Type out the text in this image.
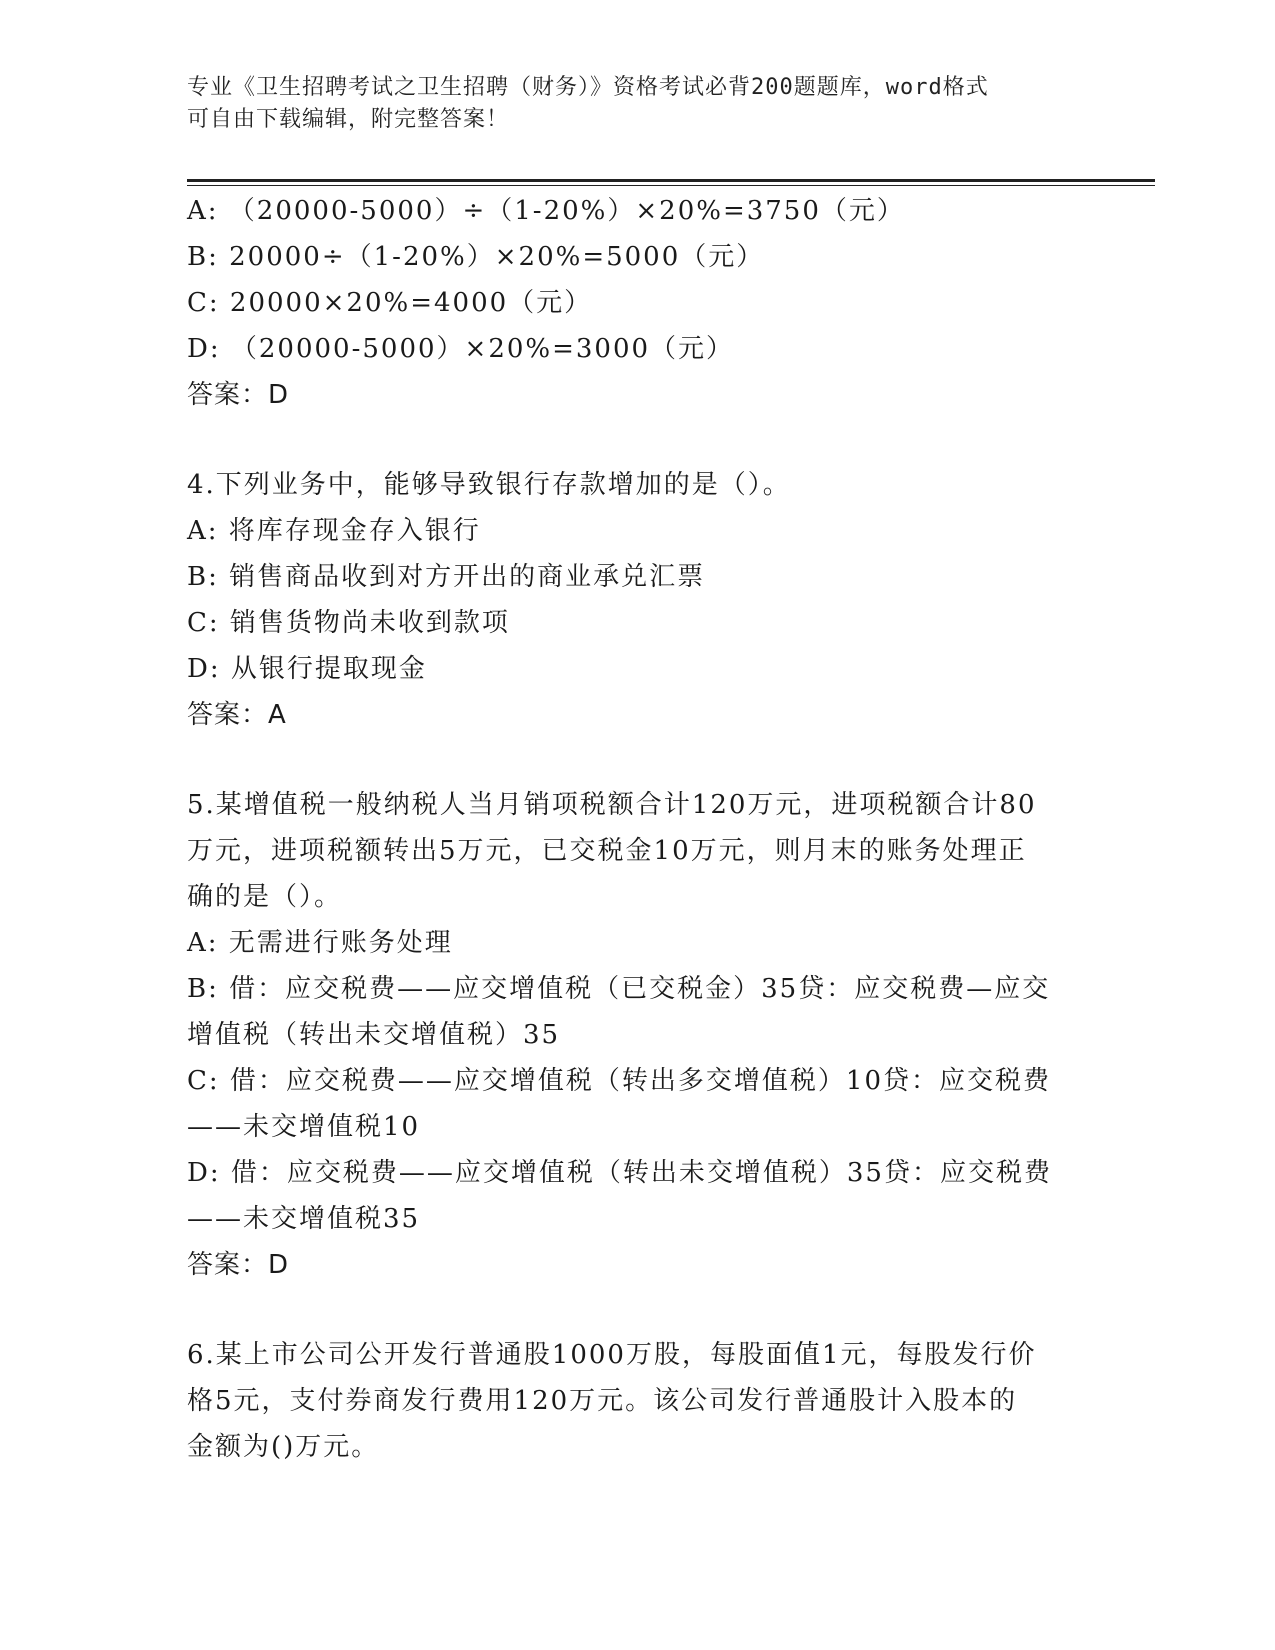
专业《卫生招聘考试之卫生招聘（财务）》资格考试必背200题题库，word格式
可自由下载编辑，附完整答案！
A: （20000-5000）÷（1-20%）×20%=3750（元）
B: 20000÷（1-20%）×20%=5000（元）
C: 20000×20%=4000（元）
D: （20000-5000）×20%=3000（元）
答案：D
4.下列业务中，能够导致银行存款增加的是（）。
A: 将库存现金存入银行
B: 销售商品收到对方开出的商业承兑汇票
C: 销售货物尚未收到款项
D: 从银行提取现金
答案：A
5.某增值税一般纳税人当月销项税额合计120万元，进项税额合计80
万元，进项税额转出5万元，已交税金10万元，则月末的账务处理正
确的是（）。
A: 无需进行账务处理
B: 借：应交税费——应交增值税（已交税金）35贷：应交税费—应交
增值税（转出未交增值税）35
C: 借：应交税费——应交增值税（转出多交增值税）10贷：应交税费
——未交增值税10
D: 借：应交税费——应交增值税（转出未交增值税）35贷：应交税费
——未交增值税35
答案：D
6.某上市公司公开发行普通股1000万股，每股面值1元，每股发行价
格5元，支付券商发行费用120万元。该公司发行普通股计入股本的
金额为()万元。
